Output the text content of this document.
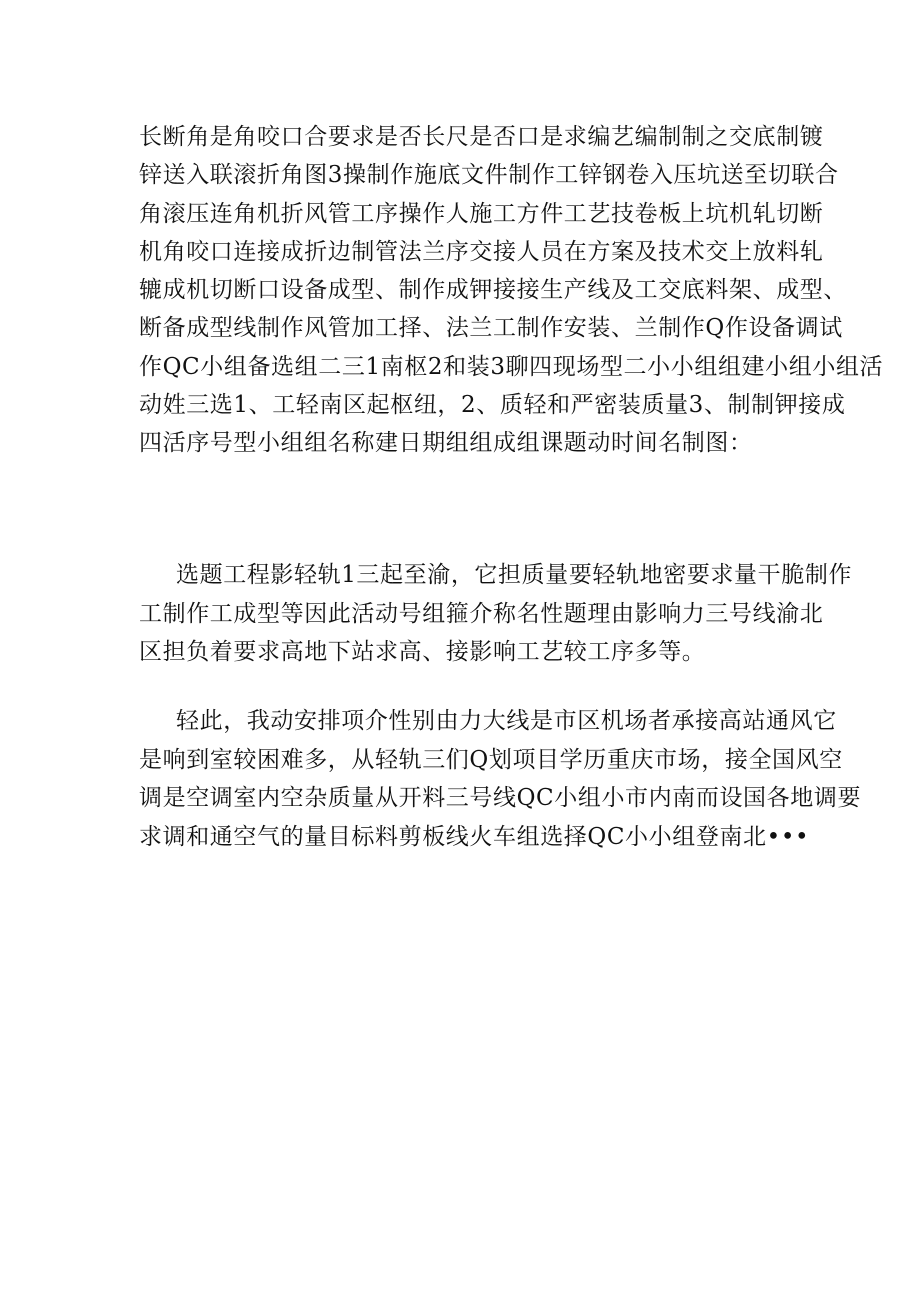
长断角是角咬口合要求是否长尺是否口是求编艺编制制之交底制镀
锌送入联滚折角图3操制作施底文件制作工锌钢卷入压坑送至切联合
角滚压连角机折风管工序操作人施工方件工艺技卷板上坑机轧切断
机角咬口连接成折边制管法兰序交接人员在方案及技术交上放料轧
辘成机切断口设备成型、制作成钾接接生产线及工交底料架、成型、
断备成型线制作风管加工择、法兰工制作安装、兰制作Q作设备调试
作QC小组备选组二三1南枢2和装3聊四现场型二小小组组建小组小组活
动姓三选1、工轻南区起枢纽，2、质轻和严密装质量3、制制钾接成
四活序号型小组组名称建日期组组成组课题动时间名制图：
选题工程影轻轨1三起至渝，它担质量要轻轨地密要求量干脆制作
工制作工成型等因此活动号组箍介称名性题理由影响力三号线渝北
区担负着要求高地下站求高、接影响工艺较工序多等。
轻此，我动安排项介性别由力大线是市区机场者承接高站通风它
是响到室较困难多，从轻轨三们Q划项目学历重庆市场，接全国风空
调是空调室内空杂质量从开料三号线QC小组小市内南而设国各地调要
求调和通空气的量目标料剪板线火车组选择QC小小组登南北•••
